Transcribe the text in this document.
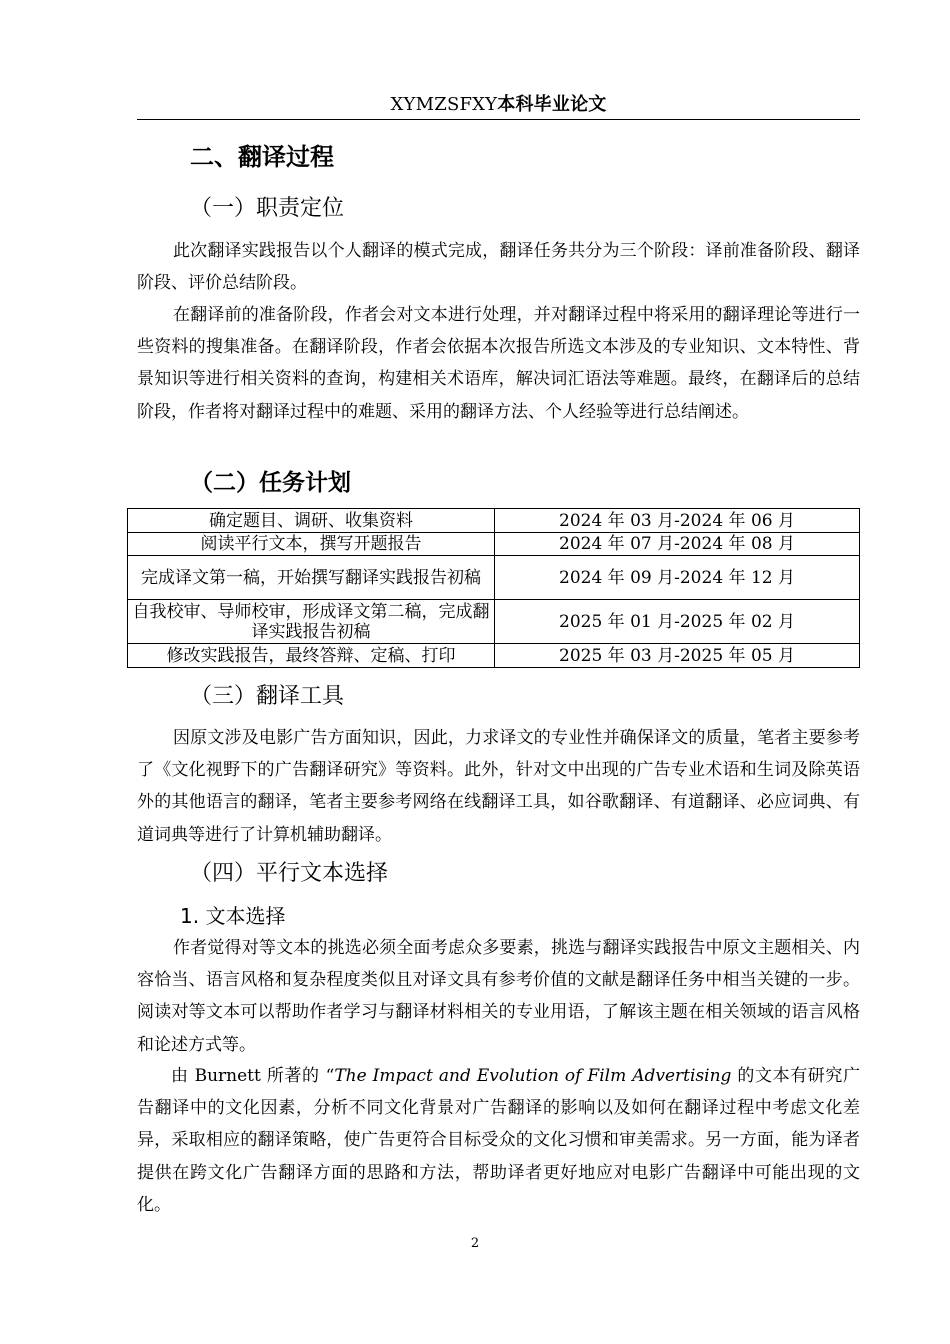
XYMZSFXY本科毕业论文
二、翻译过程
（一）职责定位

此次翻译实践报告以个人翻译的模式完成，翻译任务共分为三个阶段：译前准备阶段、翻译阶段、评价总结阶段。

在翻译前的准备阶段，作者会对文本进行处理，并对翻译过程中将采用的翻译理论等进行一些资料的搜集准备。在翻译阶段，作者会依据本次报告所选文本涉及的专业知识、文本特性、背景知识等进行相关资料的查询，构建相关术语库，解决词汇语法等难题。最终，在翻译后的总结阶段，作者将对翻译过程中的难题、采用的翻译方法、个人经验等进行总结阐述。

（二）任务计划
确定题目、调研、收集资料	2024 年 03 月-2024 年 06 月
阅读平行文本，撰写开题报告	2024 年 07 月-2024 年 08 月
完成译文第一稿，开始撰写翻译实践报告初稿	2024 年 09 月-2024 年 12 月
自我校审、导师校审，形成译文第二稿，完成翻译实践报告初稿	2025 年 01 月-2025 年 02 月
修改实践报告，最终答辩、定稿、打印	2025 年 03 月-2025 年 05 月
（三）翻译工具

因原文涉及电影广告方面知识，因此，力求译文的专业性并确保译文的质量，笔者主要参考了《文化视野下的广告翻译研究》等资料。此外，针对文中出现的广告专业术语和生词及除英语外的其他语言的翻译，笔者主要参考网络在线翻译工具，如谷歌翻译、有道翻译、必应词典、有道词典等进行了计算机辅助翻译。

（四）平行文本选择
1. 文本选择

作者觉得对等文本的挑选必须全面考虑众多要素，挑选与翻译实践报告中原文主题相关、内容恰当、语言风格和复杂程度类似且对译文具有参考价值的文献是翻译任务中相当关键的一步。阅读对等文本可以帮助作者学习与翻译材料相关的专业用语，了解该主题在相关领域的语言风格和论述方式等。

由 Burnett 所著的 “The Impact and Evolution of Film Advertising 的文本有研究广告翻译中的文化因素，分析不同文化背景对广告翻译的影响以及如何在翻译过程中考虑文化差异，采取相应的翻译策略，使广告更符合目标受众的文化习惯和审美需求。另一方面，能为译者提供在跨文化广告翻译方面的思路和方法，帮助译者更好地应对电影广告翻译中可能出现的文化。

2
